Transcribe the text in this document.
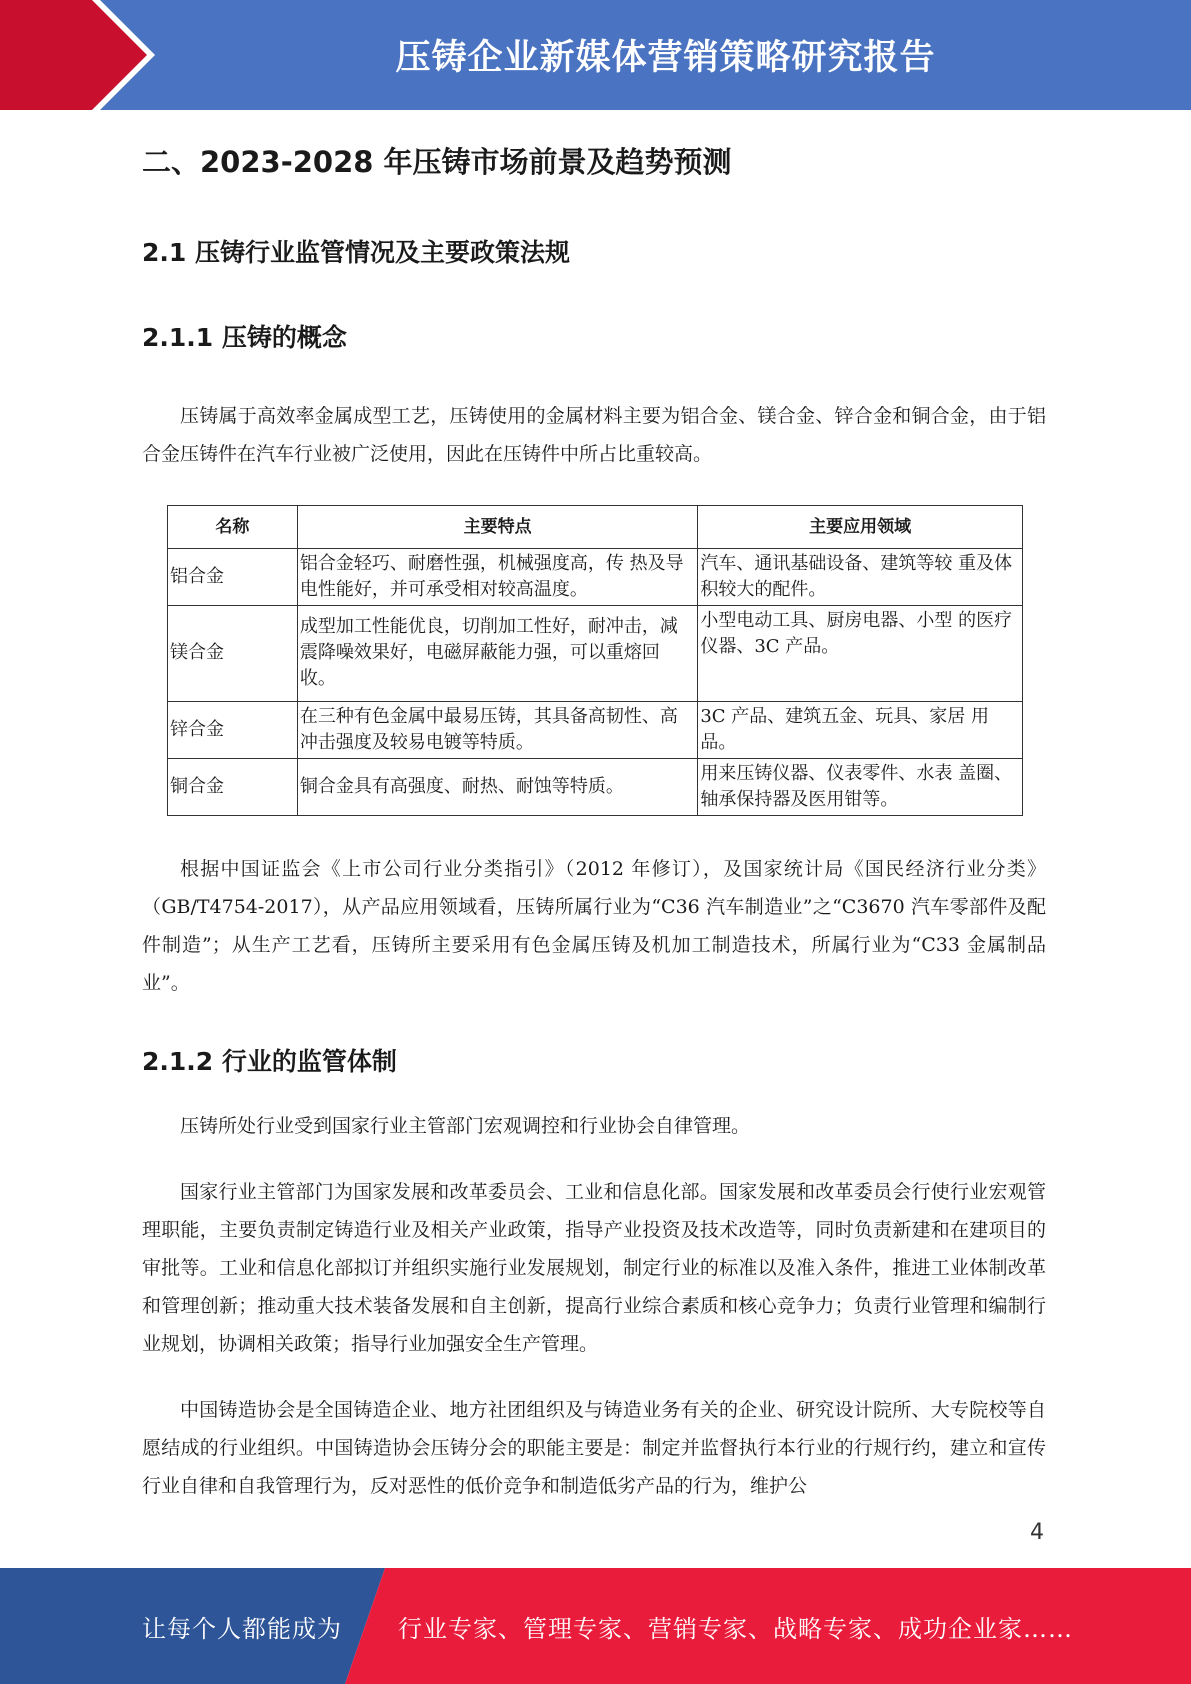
压铸企业新媒体营销策略研究报告
二、2023-2028 年压铸市场前景及趋势预测
2.1 压铸行业监管情况及主要政策法规
2.1.1 压铸的概念

压铸属于高效率金属成型工艺，压铸使用的金属材料主要为铝合金、镁合金、锌合金和铜合金，由于铝合金压铸件在汽车行业被广泛使用，因此在压铸件中所占比重较高。

名称	主要特点	主要应用领域
铝合金	铝合金轻巧、耐磨性强，机械强度高，传 热及导电性能好，并可承受相对较高温度。	汽车、通讯基础设备、建筑等较 重及体积较大的配件。
镁合金	成型加工性能优良，切削加工性好，耐冲击，减震降噪效果好，电磁屏蔽能力强，可以重熔回收。	小型电动工具、厨房电器、小型 的医疗仪器、3C 产品。
锌合金	在三种有色金属中最易压铸，其具备高韧性、高冲击强度及较易电镀等特质。	3C 产品、建筑五金、玩具、家居 用品。
铜合金	铜合金具有高强度、耐热、耐蚀等特质。	用来压铸仪器、仪表零件、水表 盖圈、轴承保持器及医用钳等。

根据中国证监会《上市公司行业分类指引》（2012 年修订），及国家统计局《国民经济行业分类》（GB/T4754-2017），从产品应用领域看，压铸所属行业为“C36 汽车制造业”之“C3670 汽车零部件及配件制造”；从生产工艺看，压铸所主要采用有色金属压铸及机加工制造技术，所属行业为“C33 金属制品业”。

2.1.2 行业的监管体制

压铸所处行业受到国家行业主管部门宏观调控和行业协会自律管理。

国家行业主管部门为国家发展和改革委员会、工业和信息化部。国家发展和改革委员会行使行业宏观管理职能，主要负责制定铸造行业及相关产业政策，指导产业投资及技术改造等，同时负责新建和在建项目的审批等。工业和信息化部拟订并组织实施行业发展规划，制定行业的标准以及准入条件，推进工业体制改革和管理创新；推动重大技术装备发展和自主创新，提高行业综合素质和核心竞争力；负责行业管理和编制行业规划，协调相关政策；指导行业加强安全生产管理。

中国铸造协会是全国铸造企业、地方社团组织及与铸造业务有关的企业、研究设计院所、大专院校等自愿结成的行业组织。中国铸造协会压铸分会的职能主要是：制定并监督执行本行业的行规行约，建立和宣传行业自律和自我管理行为，反对恶性的低价竞争和制造低劣产品的行为，维护公

4
让每个人都能成为 行业专家、管理专家、营销专家、战略专家、成功企业家……
